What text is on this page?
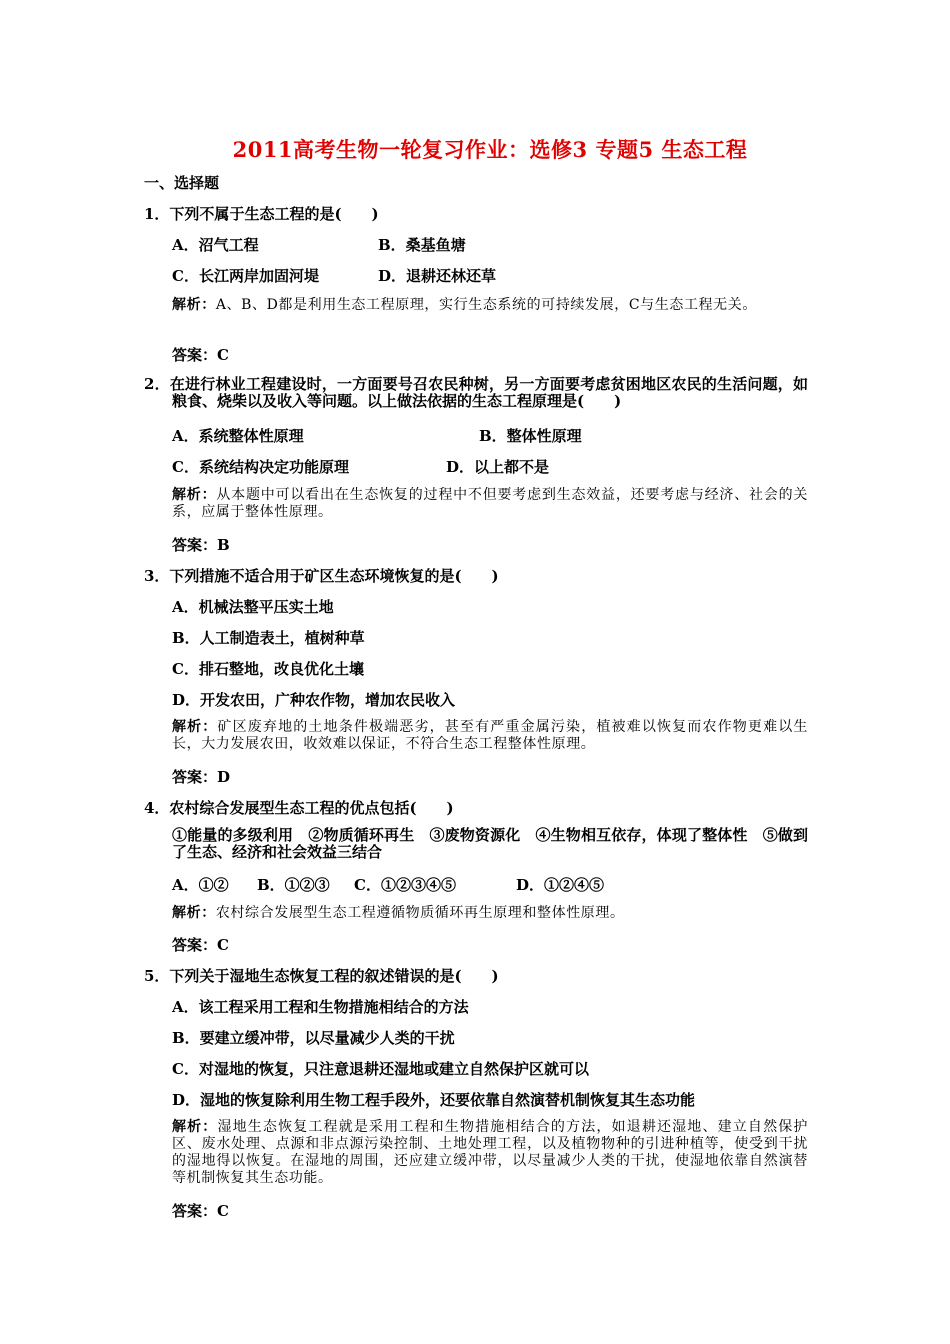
2011高考生物一轮复习作业：选修3 专题5 生态工程
一、选择题
1．下列不属于生态工程的是(　　)
A．沼气工程	B．桑基鱼塘
C．长江两岸加固河堤	D．退耕还林还草
解析：A、B、D都是利用生态工程原理，实行生态系统的可持续发展，C与生态工程无关。
答案：C
2．在进行林业工程建设时，一方面要号召农民种树，另一方面要考虑贫困地区农民的生活问题，如粮食、烧柴以及收入等问题。以上做法依据的生态工程原理是(　　)
A．系统整体性原理	B．整体性原理
C．系统结构决定功能原理	D．以上都不是
解析：从本题中可以看出在生态恢复的过程中不但要考虑到生态效益，还要考虑与经济、社会的关系，应属于整体性原理。
答案：B
3．下列措施不适合用于矿区生态环境恢复的是(　　)
A．机械法整平压实土地
B．人工制造表土，植树种草
C．排石整地，改良优化土壤
D．开发农田，广种农作物，增加农民收入
解析：矿区废弃地的土地条件极端恶劣，甚至有严重金属污染，植被难以恢复而农作物更难以生长，大力发展农田，收效难以保证，不符合生态工程整体性原理。
答案：D
4．农村综合发展型生态工程的优点包括(　　)
①能量的多级利用　②物质循环再生　③废物资源化　④生物相互依存，体现了整体性　⑤做到了生态、经济和社会效益三结合
A．①② B．①②③ C．①②③④⑤	D．①②④⑤
解析：农村综合发展型生态工程遵循物质循环再生原理和整体性原理。
答案：C
5．下列关于湿地生态恢复工程的叙述错误的是(　　)
A．该工程采用工程和生物措施相结合的方法
B．要建立缓冲带，以尽量减少人类的干扰
C．对湿地的恢复，只注意退耕还湿地或建立自然保护区就可以
D．湿地的恢复除利用生物工程手段外，还要依靠自然演替机制恢复其生态功能
解析：湿地生态恢复工程就是采用工程和生物措施相结合的方法，如退耕还湿地、建立自然保护区、废水处理、点源和非点源污染控制、土地处理工程，以及植物物种的引进种植等，使受到干扰的湿地得以恢复。在湿地的周围，还应建立缓冲带，以尽量减少人类的干扰，使湿地依靠自然演替等机制恢复其生态功能。
答案：C
